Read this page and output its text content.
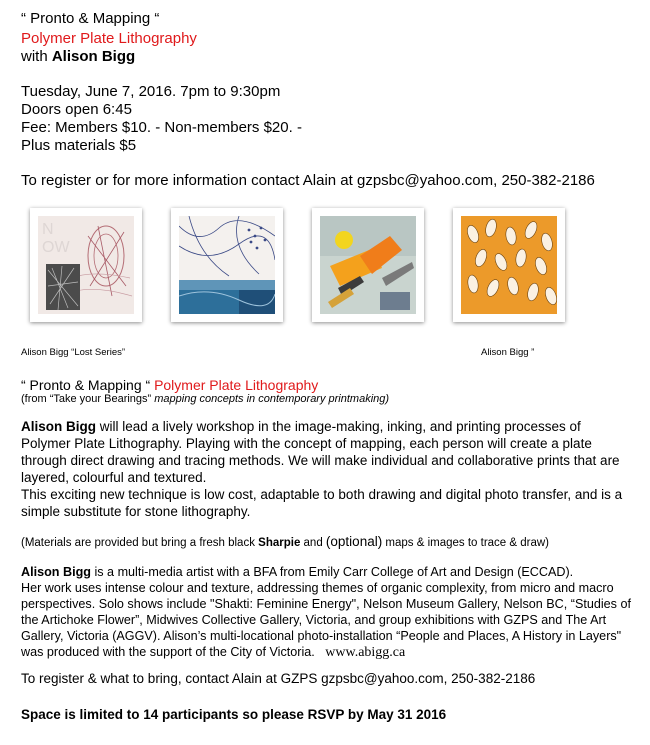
“ Pronto & Mapping “
Polymer Plate Lithography
with Alison Bigg
Tuesday, June 7, 2016. 7pm to 9:30pm
Doors open 6:45
Fee: Members $10. - Non-members $20. -
Plus materials $5
To register or for more information contact Alain at gzpsbc@yahoo.com, 250-382-2186
N
OW
Alison Bigg “Lost Series”	Alison Bigg ”
“ Pronto & Mapping “ Polymer Plate Lithography
(from “Take your Bearings” mapping concepts in contemporary printmaking)
Alison Bigg will lead a lively workshop in the image-making, inking, and printing processes of Polymer Plate Lithography. Playing with the concept of mapping, each person will create a plate through direct drawing and tracing methods. We will make individual and collaborative prints that are layered, colourful and textured.
This exciting new technique is low cost, adaptable to both drawing and digital photo transfer, and is a simple substitute for stone lithography.
(Materials are provided but bring a fresh black Sharpie and (optional) maps & images to trace & draw)
Alison Bigg is a multi-media artist with a BFA from Emily Carr College of Art and Design (ECCAD).
Her work uses intense colour and texture, addressing themes of organic complexity, from micro and macro perspectives. Solo shows include "Shakti: Feminine Energy", Nelson Museum Gallery, Nelson BC, “Studies of the Artichoke Flower”, Midwives Collective Gallery, Victoria, and group exhibitions with GZPS and The Art Gallery, Victoria (AGGV). Alison’s multi-locational photo-installation “People and Places, A History in Layers" was produced with the support of the City of Victoria. www.abigg.ca
To register & what to bring, contact Alain at GZPS gzpsbc@yahoo.com, 250-382-2186
Space is limited to 14 participants so please RSVP by May 31 2016
